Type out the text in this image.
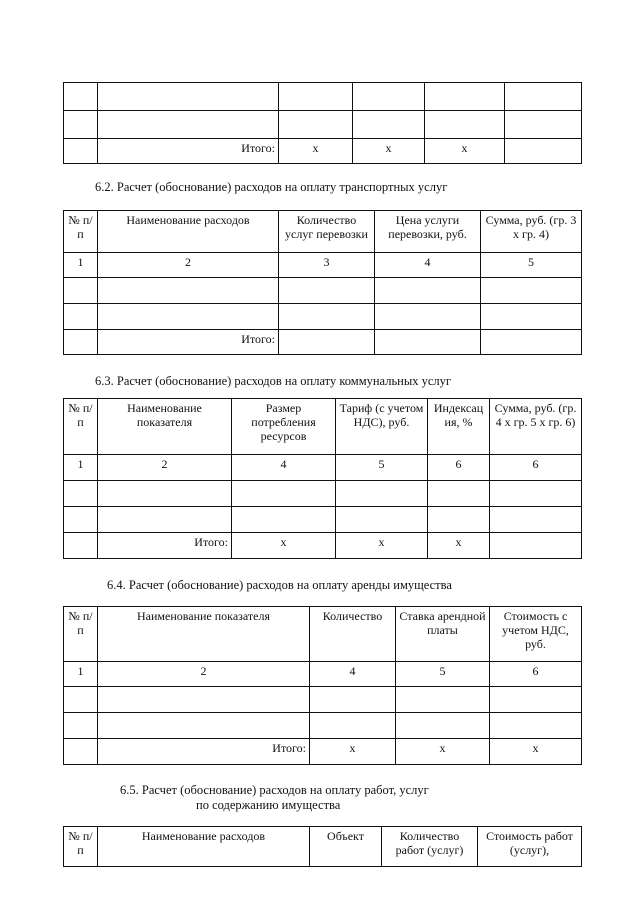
	Итого:	х	х	х	
6.2. Расчет (обоснование) расходов на оплату транспортных услуг
№ п/п	Наименование расходов	Количество услуг перевозки	Цена услуги перевозки, руб.	Сумма, руб. (гр. 3 х гр. 4)
1	2	3	4	5

	Итого:			
6.3. Расчет (обоснование) расходов на оплату коммунальных услуг
№ п/п	Наименование показателя	Размер потребления ресурсов	Тариф (с учетом НДС), руб.	Индексац ия, %	Сумма, руб. (гр. 4 х гр. 5 х гр. 6)
1	2	4	5	6	6

	Итого:	х	х	х	
6.4. Расчет (обоснование) расходов на оплату аренды имущества
№ п/п	Наименование показателя	Количество	Ставка арендной платы	Стоимость с учетом НДС, руб.
1	2	4	5	6

	Итого:	х	х	х
6.5. Расчет (обоснование) расходов на оплату работ, услуг
по содержанию имущества
№ п/п	Наименование расходов	Объект	Количество работ (услуг)	Стоимость работ (услуг),
